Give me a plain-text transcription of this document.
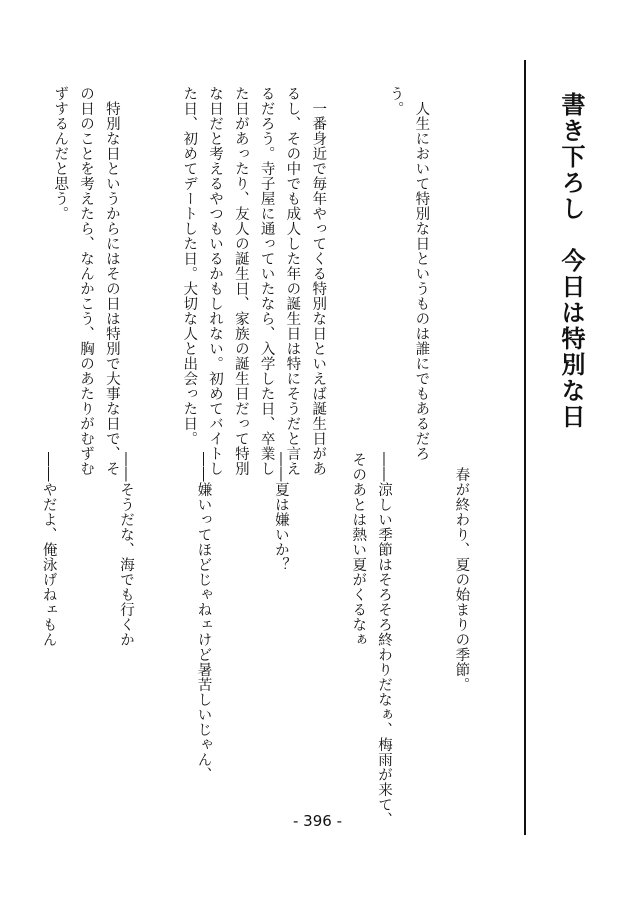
書き下ろし　今日は特別な日

　人生において特別な日というものは誰にでもあるだろ
う。

　一番身近で毎年やってくる特別な日といえば誕生日があ
るし、その中でも成人した年の誕生日は特にそうだと言え
るだろう。寺子屋に通っていたなら、入学した日、卒業し
た日があったり、友人の誕生日、家族の誕生日だって特別
な日だと考えるやつもいるかもしれない。初めてバイトし
た日、初めてデートした日。大切な人と出会った日。

　特別な日というからにはその日は特別で大事な日で、そ
の日のことを考えたら、なんかこう、胸のあたりがむずむ
ずするんだと思う。

　春が終わり、夏の始まりの季節。

――涼しい季節はそろそろ終わりだなぁ、梅雨が来て、
そのあとは熱い夏がくるなぁ

――夏は嫌いか？

――嫌いってほどじゃねェけど暑苦しいじゃん、

――そうだな、海でも行くか

――やだよ、俺泳げねェもん

- 396 -
